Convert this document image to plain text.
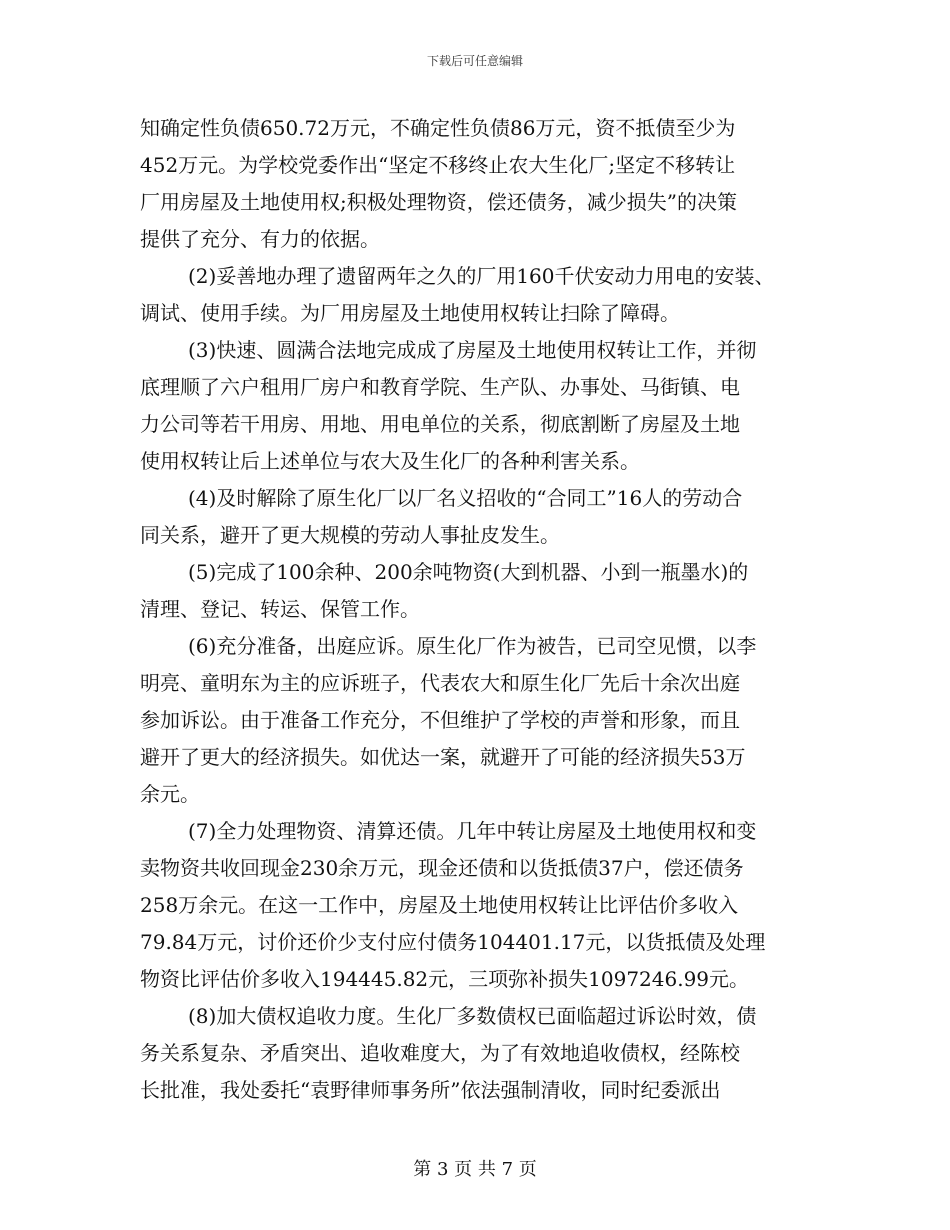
下载后可任意编辑
知确定性负债650.72万元，不确定性负债86万元，资不抵债至少为
452万元。为学校党委作出“坚定不移终止农大生化厂;坚定不移转让
厂用房屋及土地使用权;积极处理物资，偿还债务，减少损失”的决策
提供了充分、有力的依据。
(2)妥善地办理了遗留两年之久的厂用160千伏安动力用电的安装、
调试、使用手续。为厂用房屋及土地使用权转让扫除了障碍。
(3)快速、圆满合法地完成成了房屋及土地使用权转让工作，并彻
底理顺了六户租用厂房户和教育学院、生产队、办事处、马街镇、电
力公司等若干用房、用地、用电单位的关系，彻底割断了房屋及土地
使用权转让后上述单位与农大及生化厂的各种利害关系。
(4)及时解除了原生化厂以厂名义招收的“合同工”16人的劳动合
同关系，避开了更大规模的劳动人事扯皮发生。
(5)完成了100余种、200余吨物资(大到机器、小到一瓶墨水)的
清理、登记、转运、保管工作。
(6)充分准备，出庭应诉。原生化厂作为被告，已司空见惯，以李
明亮、童明东为主的应诉班子，代表农大和原生化厂先后十余次出庭
参加诉讼。由于准备工作充分，不但维护了学校的声誉和形象，而且
避开了更大的经济损失。如优达一案，就避开了可能的经济损失53万
余元。
(7)全力处理物资、清算还债。几年中转让房屋及土地使用权和变
卖物资共收回现金230余万元，现金还债和以货抵债37户，偿还债务
258万余元。在这一工作中，房屋及土地使用权转让比评估价多收入
79.84万元，讨价还价少支付应付债务104401.17元，以货抵债及处理
物资比评估价多收入194445.82元，三项弥补损失1097246.99元。
(8)加大债权追收力度。生化厂多数债权已面临超过诉讼时效，债
务关系复杂、矛盾突出、追收难度大，为了有效地追收债权，经陈校
长批准，我处委托“袁野律师事务所”依法强制清收，同时纪委派出
第 3 页 共 7 页
